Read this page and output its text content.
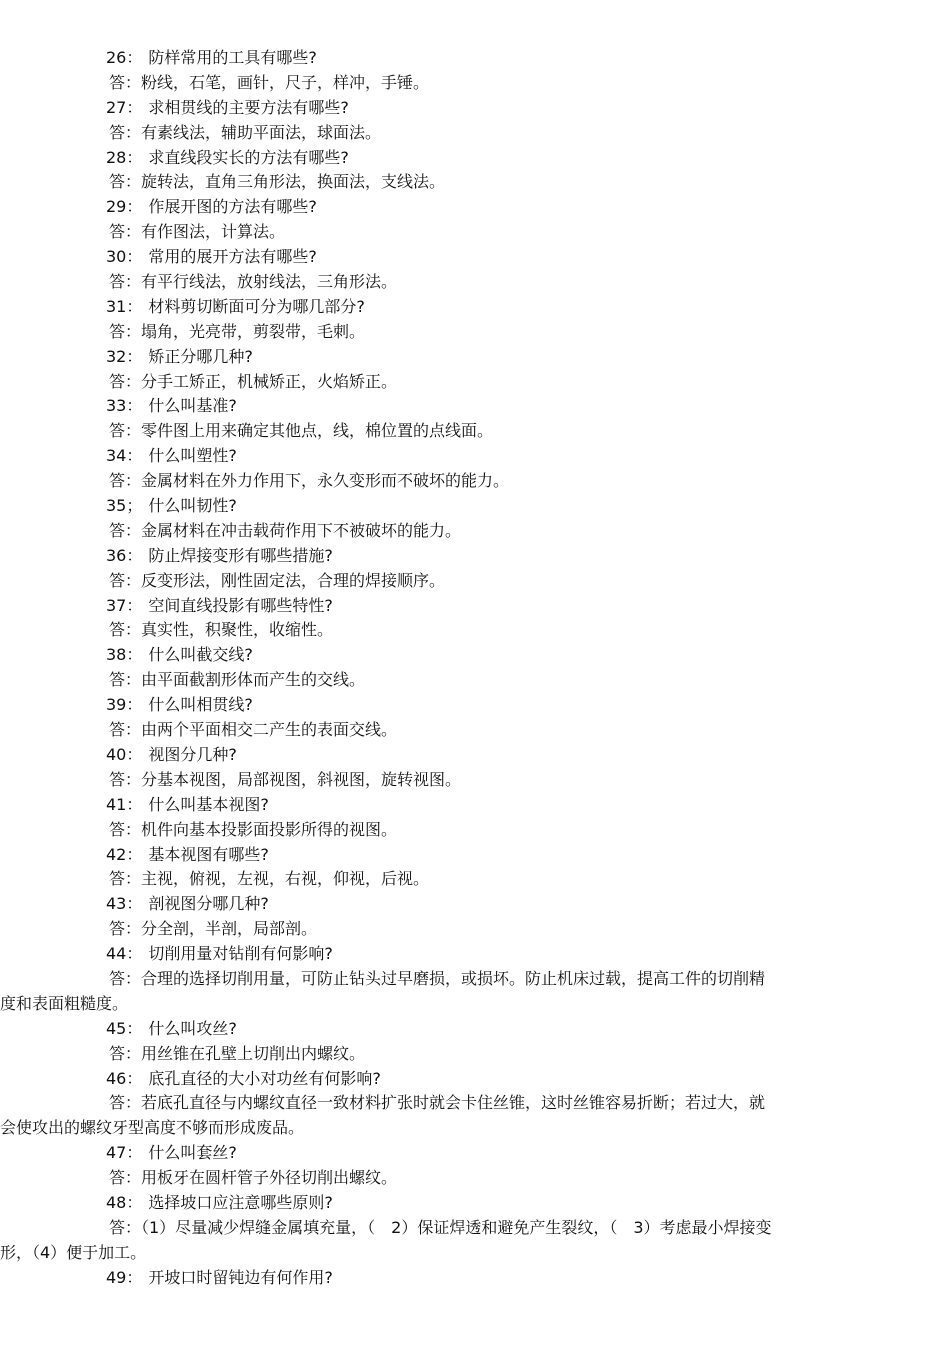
26： 防样常用的工具有哪些?
答：粉线，石笔，画针，尺子，样冲，手锤。
27： 求相贯线的主要方法有哪些?
答：有素线法，辅助平面法，球面法。
28： 求直线段实长的方法有哪些?
答：旋转法，直角三角形法，换面法，支线法。
29： 作展开图的方法有哪些?
答：有作图法，计算法。
30： 常用的展开方法有哪些?
答：有平行线法，放射线法，三角形法。
31： 材料剪切断面可分为哪几部分?
答：塌角，光亮带，剪裂带，毛刺。
32： 矫正分哪几种?
答：分手工矫正，机械矫正，火焰矫正。
33： 什么叫基准?
答：零件图上用来确定其他点，线，棉位置的点线面。
34： 什么叫塑性?
答：金属材料在外力作用下，永久变形而不破坏的能力。
35； 什么叫韧性?
答：金属材料在冲击载荷作用下不被破坏的能力。
36： 防止焊接变形有哪些措施?
答：反变形法，刚性固定法，合理的焊接顺序。
37： 空间直线投影有哪些特性?
答：真实性，积聚性，收缩性。
38： 什么叫截交线?
答：由平面截割形体而产生的交线。
39： 什么叫相贯线?
答：由两个平面相交二产生的表面交线。
40： 视图分几种?
答：分基本视图，局部视图，斜视图，旋转视图。
41： 什么叫基本视图?
答：机件向基本投影面投影所得的视图。
42： 基本视图有哪些?
答：主视，俯视，左视，右视，仰视，后视。
43： 剖视图分哪几种?
答：分全剖，半剖，局部剖。
44： 切削用量对钻削有何影响?
答：合理的选择切削用量，可防止钻头过早磨损，或损坏。防止机床过载，提高工件的切削精
度和表面粗糙度。
45： 什么叫攻丝?
答：用丝锥在孔壁上切削出内螺纹。
46： 底孔直径的大小对功丝有何影响?
答：若底孔直径与内螺纹直径一致材料扩张时就会卡住丝锥，这时丝锥容易折断；若过大，就
会使攻出的螺纹牙型高度不够而形成废品。
47： 什么叫套丝?
答：用板牙在圆杆管子外径切削出螺纹。
48： 选择坡口应注意哪些原则?
答：（1）尽量减少焊缝金属填充量，（　2）保证焊透和避免产生裂纹，（　3）考虑最小焊接变
形，（4）便于加工。
49： 开坡口时留钝边有何作用?
